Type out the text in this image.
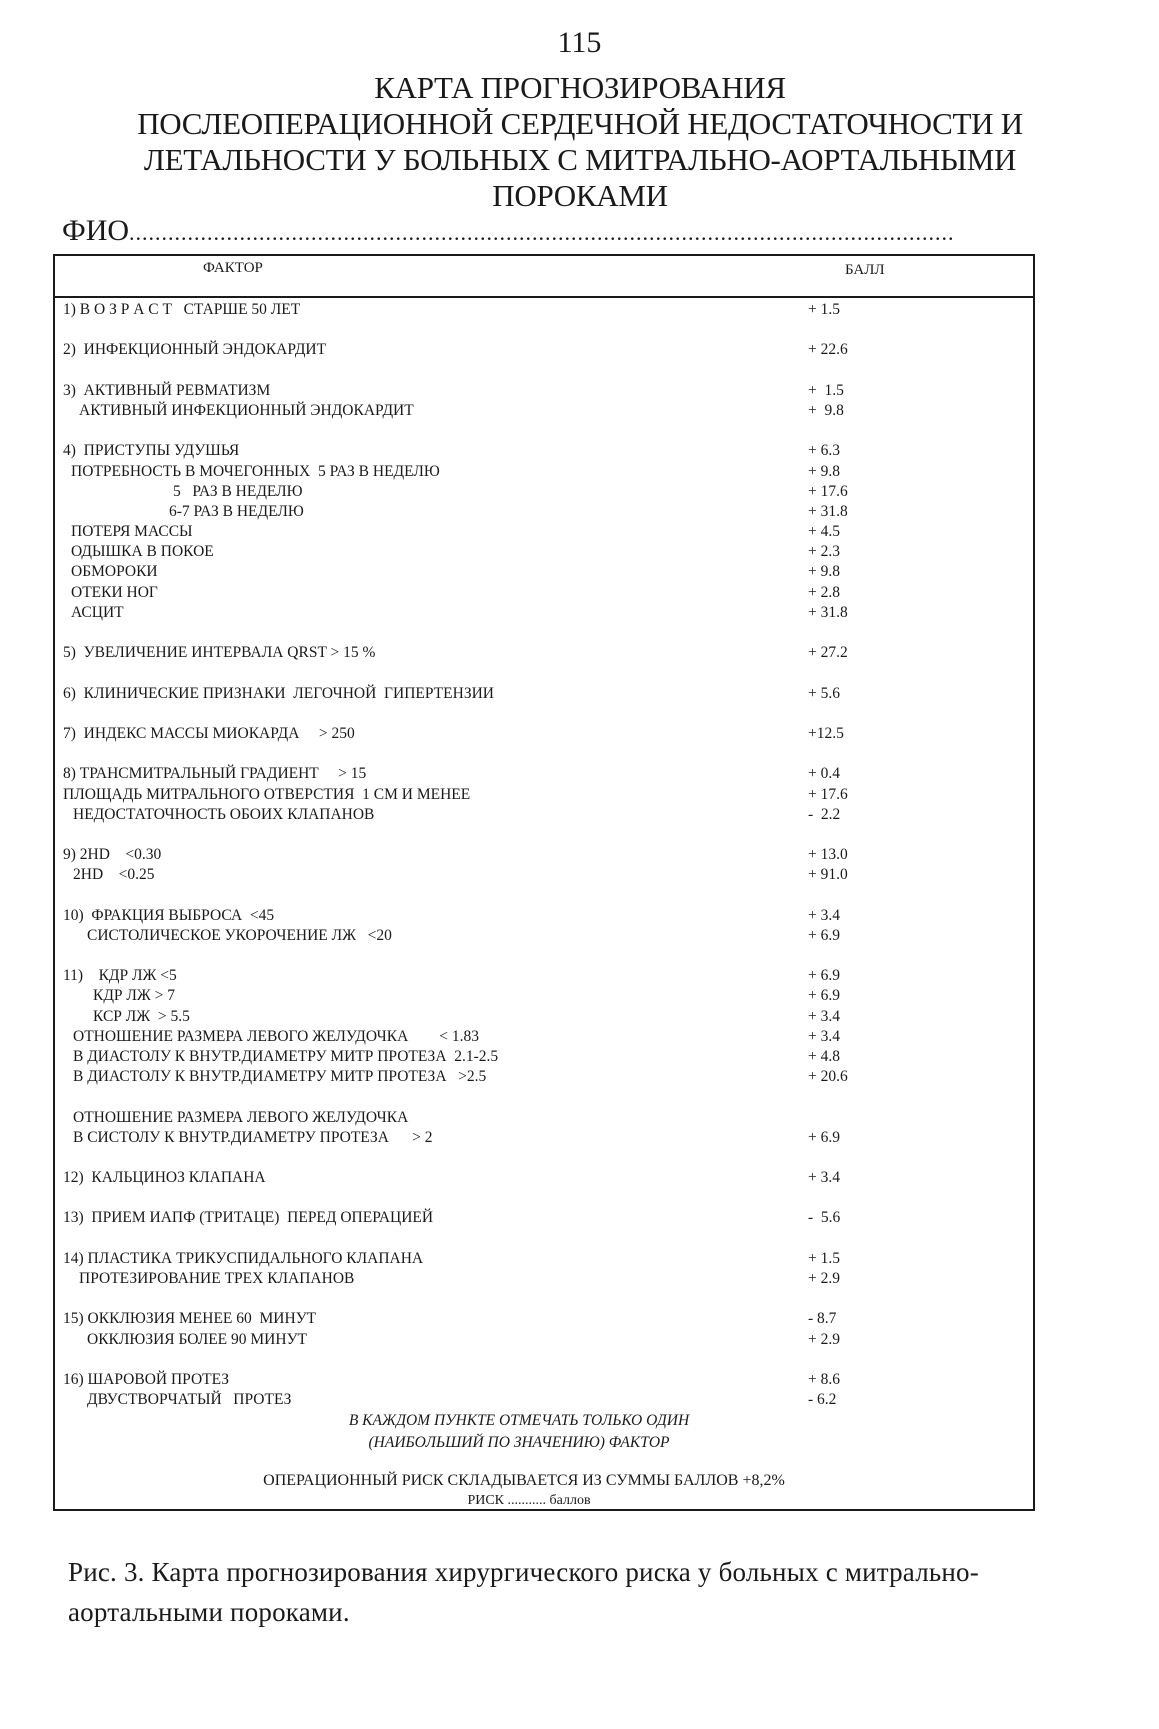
115
КАРТА ПРОГНОЗИРОВАНИЯ
ПОСЛЕОПЕРАЦИОННОЙ СЕРДЕЧНОЙ НЕДОСТАТОЧНОСТИ И
ЛЕТАЛЬНОСТИ У БОЛЬНЫХ С МИТРАЛЬНО-АОРТАЛЬНЫМИ
ПОРОКАМИ
ФИО...............................................................................................................................
ФАКТОР	БАЛЛ
1) В О З Р А С Т   СТАРШЕ 50 ЛЕТ	+ 1.5
2)  ИНФЕКЦИОННЫЙ ЭНДОКАРДИТ	+ 22.6
3)  АКТИВНЫЙ РЕВМАТИЗМ	+  1.5
АКТИВНЫЙ ИНФЕКЦИОННЫЙ ЭНДОКАРДИТ	+  9.8
4)  ПРИСТУПЫ УДУШЬЯ	+ 6.3
ПОТРЕБНОСТЬ В МОЧЕГОННЫХ  5 РАЗ В НЕДЕЛЮ	+ 9.8
5   РАЗ В НЕДЕЛЮ	+ 17.6
6-7 РАЗ В НЕДЕЛЮ	+ 31.8
ПОТЕРЯ МАССЫ	+ 4.5
ОДЫШКА В ПОКОЕ	+ 2.3
ОБМОРОКИ	+ 9.8
ОТЕКИ НОГ	+ 2.8
АСЦИТ	+ 31.8
5)  УВЕЛИЧЕНИЕ ИНТЕРВАЛА QRST > 15 %	+ 27.2
6)  КЛИНИЧЕСКИЕ ПРИЗНАКИ  ЛЕГОЧНОЙ  ГИПЕРТЕНЗИИ	+ 5.6
7)  ИНДЕКС МАССЫ МИОКАРДА     > 250	+12.5
8) ТРАНСМИТРАЛЬНЫЙ ГРАДИЕНТ     > 15	+ 0.4
ПЛОЩАДЬ МИТРАЛЬНОГО ОТВЕРСТИЯ  1 СМ И МЕНЕЕ	+ 17.6
НЕДОСТАТОЧНОСТЬ ОБОИХ КЛАПАНОВ	-  2.2
9) 2HD    <0.30	+ 13.0
2HD    <0.25	+ 91.0
10)  ФРАКЦИЯ ВЫБРОСА  <45	+ 3.4
СИСТОЛИЧЕСКОЕ УКОРОЧЕНИЕ ЛЖ   <20	+ 6.9
11)    КДР ЛЖ <5	+ 6.9
КДР ЛЖ > 7	+ 6.9
КСР ЛЖ  > 5.5	+ 3.4
ОТНОШЕНИЕ РАЗМЕРА ЛЕВОГО ЖЕЛУДОЧКА        < 1.83	+ 3.4
В ДИАСТОЛУ К ВНУТР.ДИАМЕТРУ МИТР ПРОТЕЗА  2.1-2.5	+ 4.8
В ДИАСТОЛУ К ВНУТР.ДИАМЕТРУ МИТР ПРОТЕЗА   >2.5	+ 20.6
ОТНОШЕНИЕ РАЗМЕРА ЛЕВОГО ЖЕЛУДОЧКА
В СИСТОЛУ К ВНУТР.ДИАМЕТРУ ПРОТЕЗА      > 2	+ 6.9
12)  КАЛЬЦИНОЗ КЛАПАНА	+ 3.4
13)  ПРИЕМ ИАПФ (ТРИТАЦЕ)  ПЕРЕД ОПЕРАЦИЕЙ	-  5.6
14) ПЛАСТИКА ТРИКУСПИДАЛЬНОГО КЛАПАНА	+ 1.5
ПРОТЕЗИРОВАНИЕ ТРЕХ КЛАПАНОВ	+ 2.9
15) ОККЛЮЗИЯ МЕНЕЕ 60  МИНУТ	- 8.7
ОККЛЮЗИЯ БОЛЕЕ 90 МИНУТ	+ 2.9
16) ШАРОВОЙ ПРОТЕЗ	+ 8.6
ДВУСТВОРЧАТЫЙ   ПРОТЕЗ	- 6.2
В КАЖДОМ ПУНКТЕ ОТМЕЧАТЬ ТОЛЬКО ОДИН
(НАИБОЛЬШИЙ ПО ЗНАЧЕНИЮ) ФАКТОР
ОПЕРАЦИОННЫЙ РИСК СКЛАДЫВАЕТСЯ ИЗ СУММЫ БАЛЛОВ +8,2%
РИСК ........... баллов
Рис. 3. Карта прогнозирования хирургического риска у больных с митрально-аортальными пороками.
